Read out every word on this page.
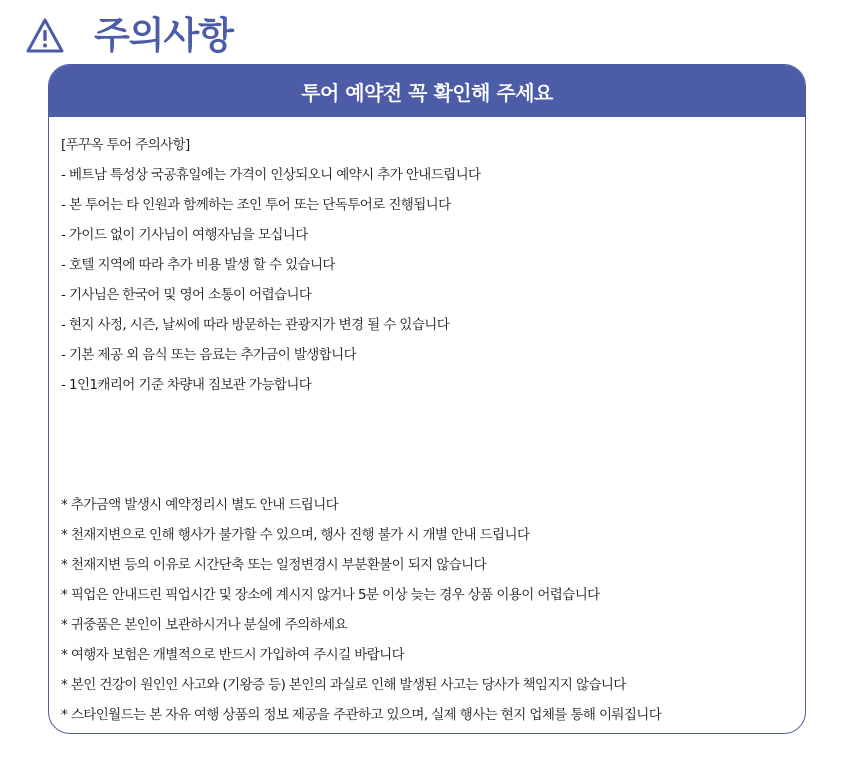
주의사항
투어 예약전 꼭 확인해 주세요
[푸꾸옥 투어 주의사항]
- 베트남 특성상 국공휴일에는 가격이 인상되오니 예약시 추가 안내드립니다
- 본 투어는 타 인원과 함께하는 조인 투어 또는 단독투어로 진행됩니다
- 가이드 없이 기사님이 여행자님을 모십니다
- 호텔 지역에 따라 추가 비용 발생 할 수 있습니다
- 기사님은 한국어 및 영어 소통이 어렵습니다
- 현지 사정, 시즌, 날씨에 따라 방문하는 관광지가 변경 될 수 있습니다
- 기본 제공 외 음식 또는 음료는 추가금이 발생합니다
- 1인1캐리어 기준 차량내 짐보관 가능합니다
* 추가금액 발생시 예약정리시 별도 안내 드립니다
* 천재지변으로 인해 행사가 불가할 수 있으며, 행사 진행 불가 시 개별 안내 드립니다
* 천재지변 등의 이유로 시간단축 또는 일정변경시 부분환불이 되지 않습니다
* 픽업은 안내드린 픽업시간 및 장소에 계시지 않거나 5분 이상 늦는 경우 상품 이용이 어렵습니다
* 귀중품은 본인이 보관하시거나 분실에 주의하세요
* 여행자 보험은 개별적으로 반드시 가입하여 주시길 바랍니다
* 본인 건강이 원인인 사고와 (기왕증 등) 본인의 과실로 인해 발생된 사고는 당사가 책임지지 않습니다
* 스타인월드는 본 자유 여행 상품의 정보 제공을 주관하고 있으며, 실제 행사는 현지 업체를 통해 이뤄집니다
